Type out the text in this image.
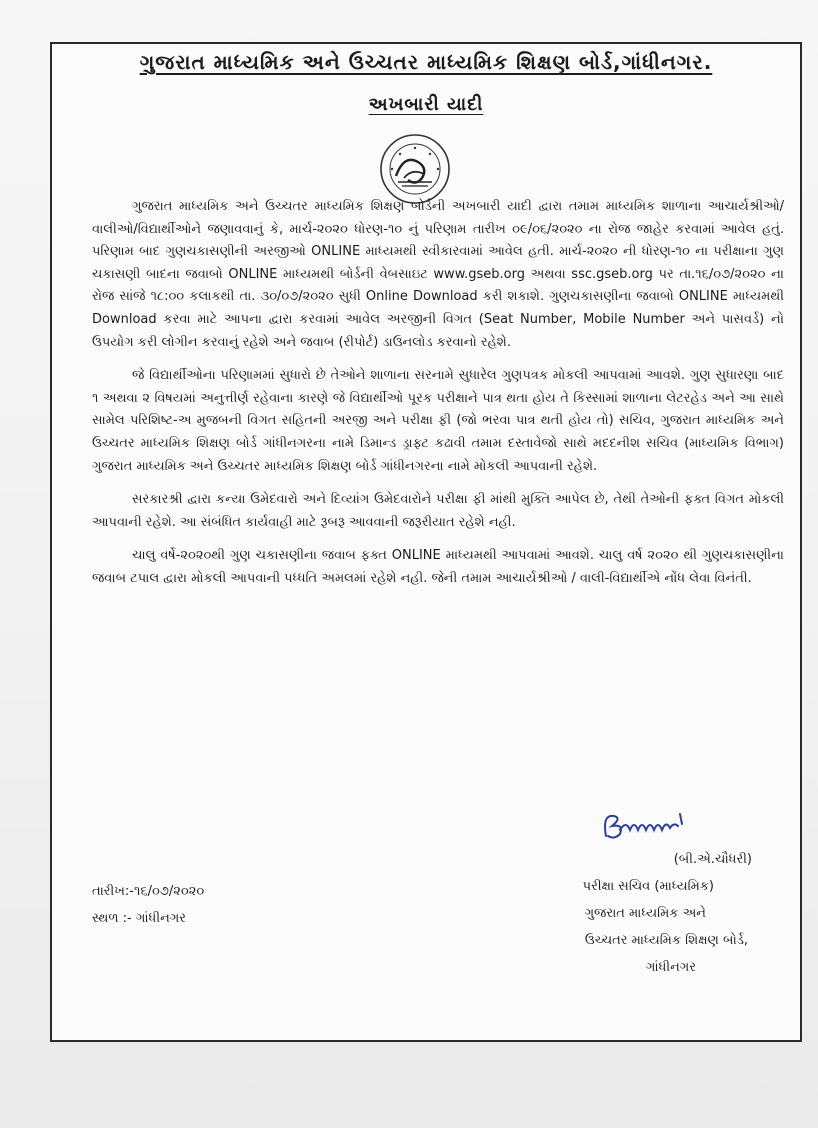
ગુજરાત માધ્યમિક અને ઉચ્ચતર માધ્યમિક શિક્ષણ બોર્ડ,ગાંધીનગર.
અખબારી યાદી

ગુજરાત માધ્યમિક અને ઉચ્ચતર માધ્યમિક શિક્ષણ બોર્ડની અખબારી યાદી દ્વારા તમામ માધ્યમિક શાળાના આચાર્યશ્રીઓ/વાલીઓ/વિદ્યાર્થીઓને જણાવવાનું કે, માર્ચ-૨૦૨૦ ધોરણ-૧૦ નું પરિણામ તારીખ ૦૯/૦૬/૨૦૨૦ ના રોજ જાહેર કરવામાં આવેલ હતું. પરિણામ બાદ ગુણચકાસણીની અરજીઓ ONLINE માધ્યમથી સ્વીકારવામાં આવેલ હતી. માર્ચ-૨૦૨૦ ની ધોરણ-૧૦ ના પરીક્ષાના ગુણ ચકાસણી બાદના જવાબો ONLINE માધ્યમથી બોર્ડની વેબસાઇટ www.gseb.org અથવા ssc.gseb.org પર તા.૧૬/૦૭/૨૦૨૦ ના રોજ સાંજે ૧૮:૦૦ કલાકથી તા. ૩૦/૦૭/૨૦૨૦ સુધી Online Download કરી શકાશે. ગુણચકાસણીના જવાબો ONLINE માધ્યમથી Download કરવા માટે આપના દ્વારા કરવામાં આવેલ અરજીની વિગત (Seat Number, Mobile Number અને પાસવર્ડ) નો ઉપયોગ કરી લોગીન કરવાનું રહેશે અને જવાબ (રીપોર્ટ) ડાઉનલોડ કરવાનો રહેશે.

જે વિદ્યાર્થીઓના પરિણામમાં સુધારો છે તેઓને શાળાના સરનામે સુધારેલ ગુણપત્રક મોકલી આપવામાં આવશે. ગુણ સુધારણા બાદ ૧ અથવા ૨ વિષયમાં અનુત્તીર્ણ રહેવાના કારણે જે વિદ્યાર્થીઓ પૂરક પરીક્ષાને પાત્ર થતા હોય તે કિસ્સામાં શાળાના લેટરહેડ અને આ સાથે સામેલ પરિશિષ્ટ-અ મુજબની વિગત સહિતની અરજી અને પરીક્ષા ફી (જો ભરવા પાત્ર થતી હોય તો) સચિવ, ગુજરાત માધ્યમિક અને ઉચ્ચતર માધ્યમિક શિક્ષણ બોર્ડ ગાંધીનગરના નામે ડિમાન્ડ ડ્રાફ્ટ કઢાવી તમામ દસ્તાવેજો સાથે મદદનીશ સચિવ (માધ્યમિક વિભાગ) ગુજરાત માધ્યમિક અને ઉચ્ચતર માધ્યમિક શિક્ષણ બોર્ડ ગાંધીનગરના નામે મોકલી આપવાની રહેશે.

સરકારશ્રી દ્વારા કન્યા ઉમેદવારો અને દિવ્યાંગ ઉમેદવારોને પરીક્ષા ફી માંથી મુક્તિ આપેલ છે, તેથી તેઓની ફક્ત વિગત મોકલી આપવાની રહેશે. આ સંબંધિત કાર્યવાહી માટે રૂબરૂ આવવાની જરૂરીયાત રહેશે નહી.

ચાલુ વર્ષે-૨૦૨૦થી ગુણ ચકાસણીના જવાબ ફક્ત ONLINE માધ્યમથી આપવામાં આવશે. ચાલુ વર્ષ ૨૦૨૦ થી ગુણચકાસણીના જવાબ ટપાલ દ્વારા મોકલી આપવાની પધ્ધતિ અમલમાં રહેશે નહી. જેની તમામ આચાર્યશ્રીઓ / વાલી-વિદ્યાર્થીએ નોંધ લેવા વિનંતી.

(બી.એ.ચૌધરી)
પરીક્ષા સચિવ (માધ્યમિક)
ગુજરાત માધ્યમિક અને
ઉચ્ચતર માધ્યમિક શિક્ષણ બોર્ડ,
ગાંધીનગર
તારીખ:-૧૬/૦૭/૨૦૨૦
સ્થળ :- ગાંધીનગર
